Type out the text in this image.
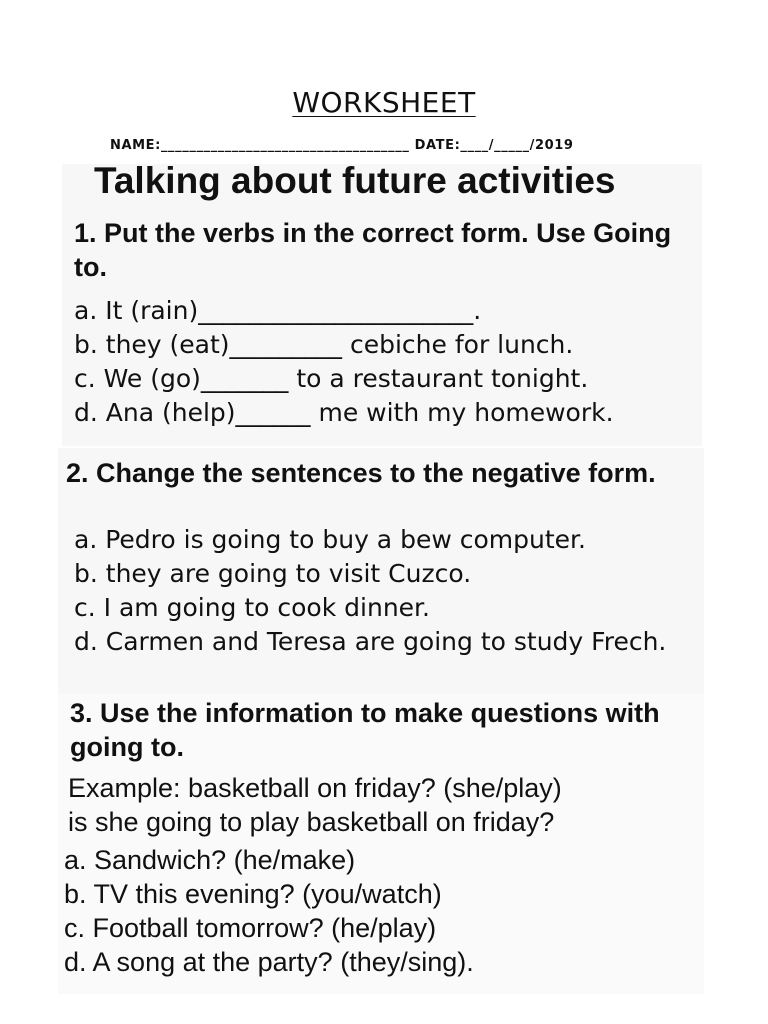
WORKSHEET
NAME:___________________________________ DATE:____/_____/2019
Talking about future activities
1. Put the verbs in the correct form. Use Going to.
a. It (rain)______________________.
b. they (eat)_________ cebiche for lunch.
c. We (go)_______ to a restaurant tonight.
d. Ana (help)______ me with my homework.
2. Change the sentences to the negative form.
a. Pedro is going to buy a bew computer.
b. they are going to visit Cuzco.
c. I am going to cook dinner.
d. Carmen and Teresa are going to study Frech.
3. Use the information to make questions with going to.
Example: basketball on friday? (she/play)
is she going to play basketball on friday?
a. Sandwich? (he/make)
b. TV this evening? (you/watch)
c. Football tomorrow? (he/play)
d. A song at the party? (they/sing).
